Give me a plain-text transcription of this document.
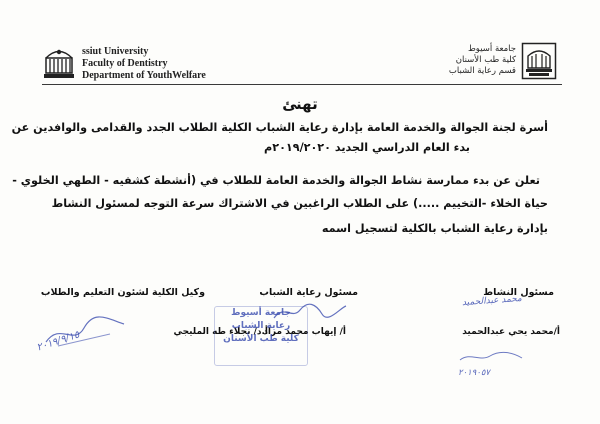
ssiut University
Faculty of Dentistry
Department of YouthWelfare
جامعة أسيوط
كلية طب الأسنان
قسم رعاية الشباب
تهنئ
أسرة لجنة الجوالة والخدمة العامة بإدارة رعاية الشباب الكلية الطلاب الجدد والقدامى والوافدين عن
بدء العام الدراسي الجديد ٢٠١٩/٢٠٢٠م
تعلن عن بدء ممارسة نشاط الجوالة والخدمة العامة للطلاب في (أنشطة كشفيه - الطهي الخلوي -
حياة الخلاء -التخييم .....) على الطلاب الراغبين في الاشتراك سرعة التوجه لمسئول النشاط
بإدارة رعاية الشباب بالكلية لتسجيل اسمه
مسئول النشاط
مسئول رعاية الشباب
وكيل الكلية لشئون التعليم والطلاب
أ/محمد يحي عبدالحميد
أ/ إيهاب محمد مراد
أ.د/ نجلاء طه المليجي
جامعة أسيوط
رعاية الشباب
كلية طب الأسنان
٢٠١٩/٩/١٥
محمد عبدالحميد
٢٠١٩٠٥٧
